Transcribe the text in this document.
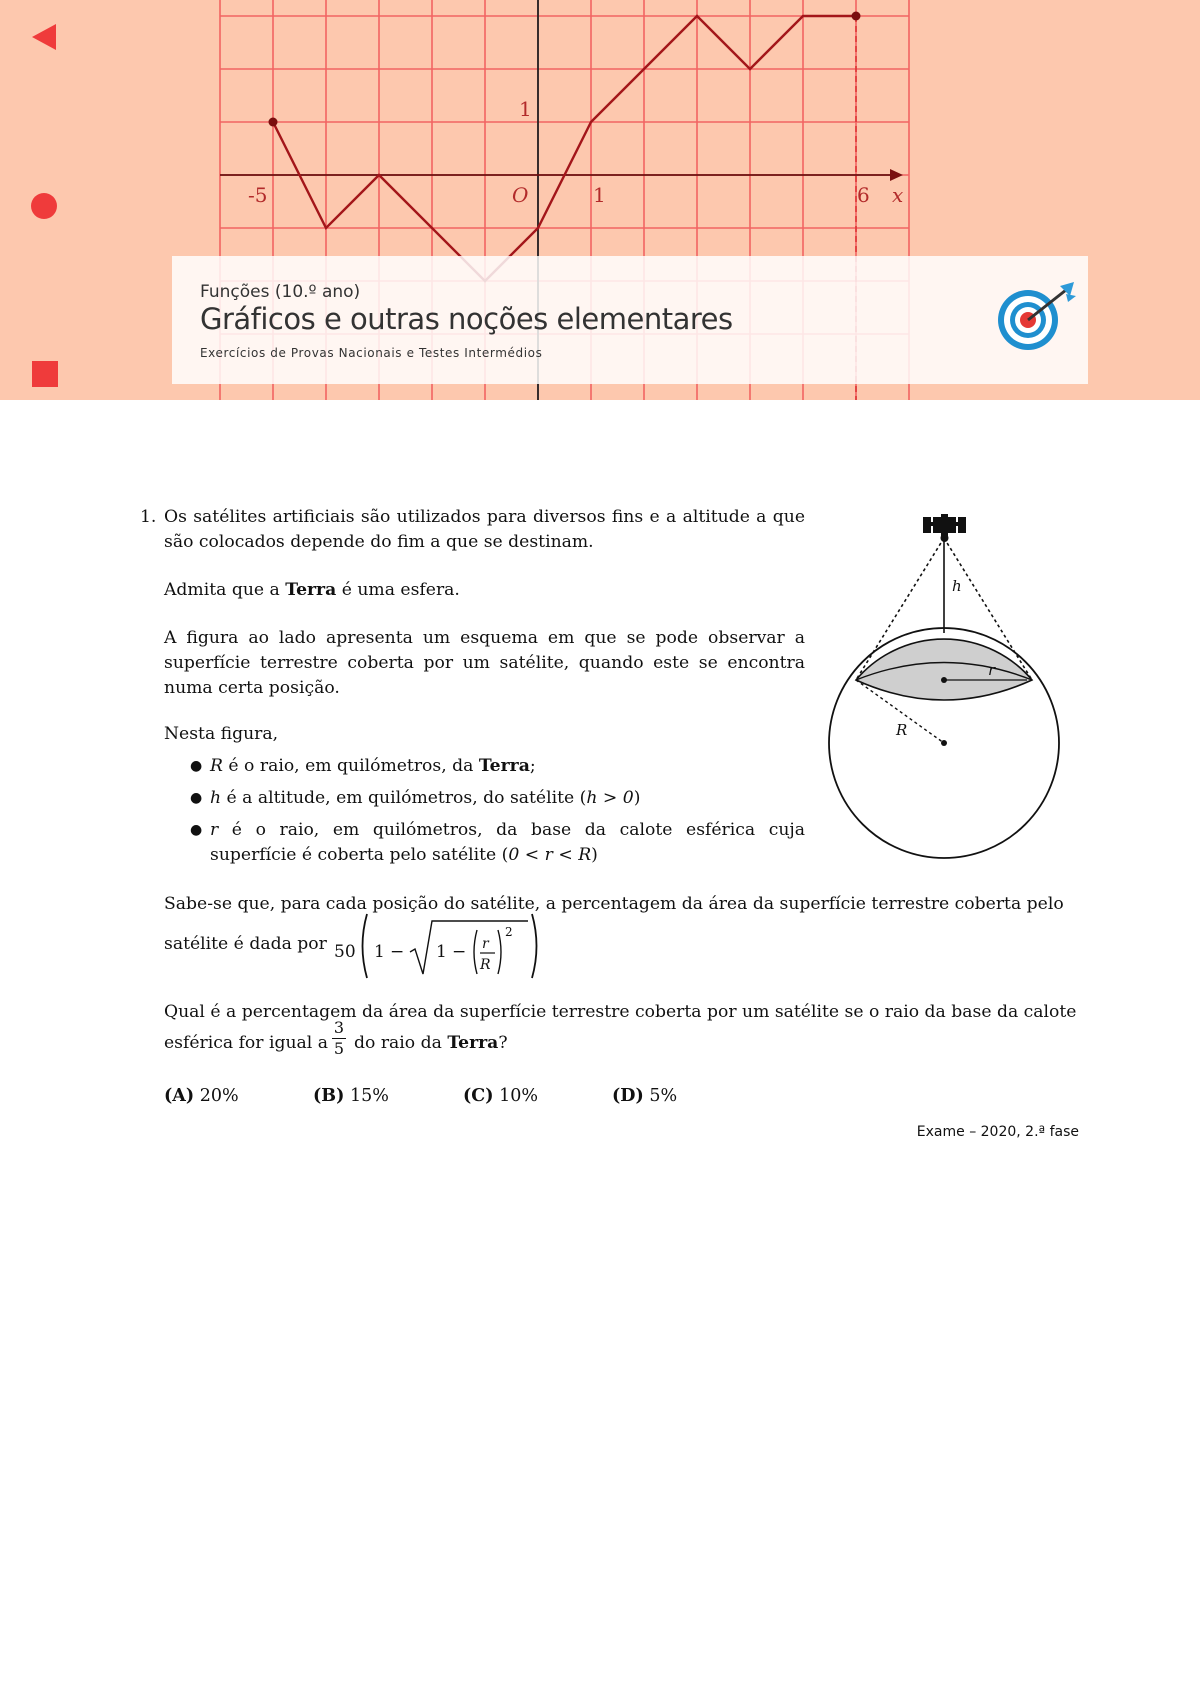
-5	O	1
1
6 x
Funções (10.º ano)
Gráficos e outras noções elementares
Exercícios de Provas Nacionais e Testes Intermédios
1. Os satélites artificiais são utilizados para diversos fins e a altitude a que são colocados depende do fim a que se destinam.
Admita que a Terra é uma esfera.
A figura ao lado apresenta um esquema em que se pode observar a superfície terrestre coberta por um satélite, quando este se encontra numa certa posição.
Nesta figura,
● R é o raio, em quilómetros, da Terra;
● h é a altitude, em quilómetros, do satélite (h > 0)
● r é o raio, em quilómetros, da base da calote esférica cuja superfície é coberta pelo satélite (0 < r < R)
Sabe-se que, para cada posição do satélite, a percentagem da área da superfície terrestre coberta pelo
satélite é dada por 50 1 − 1 − r
R
2
Qual é a percentagem da área da superfície terrestre coberta por um satélite se o raio da base da calote
esférica for igual a $\frac{3}{5}$ do raio da Terra?
(A) 20%	(B) 15%	(C) 10%	(D) 5%
Exame – 2020, 2.ª fase
h
r
R
